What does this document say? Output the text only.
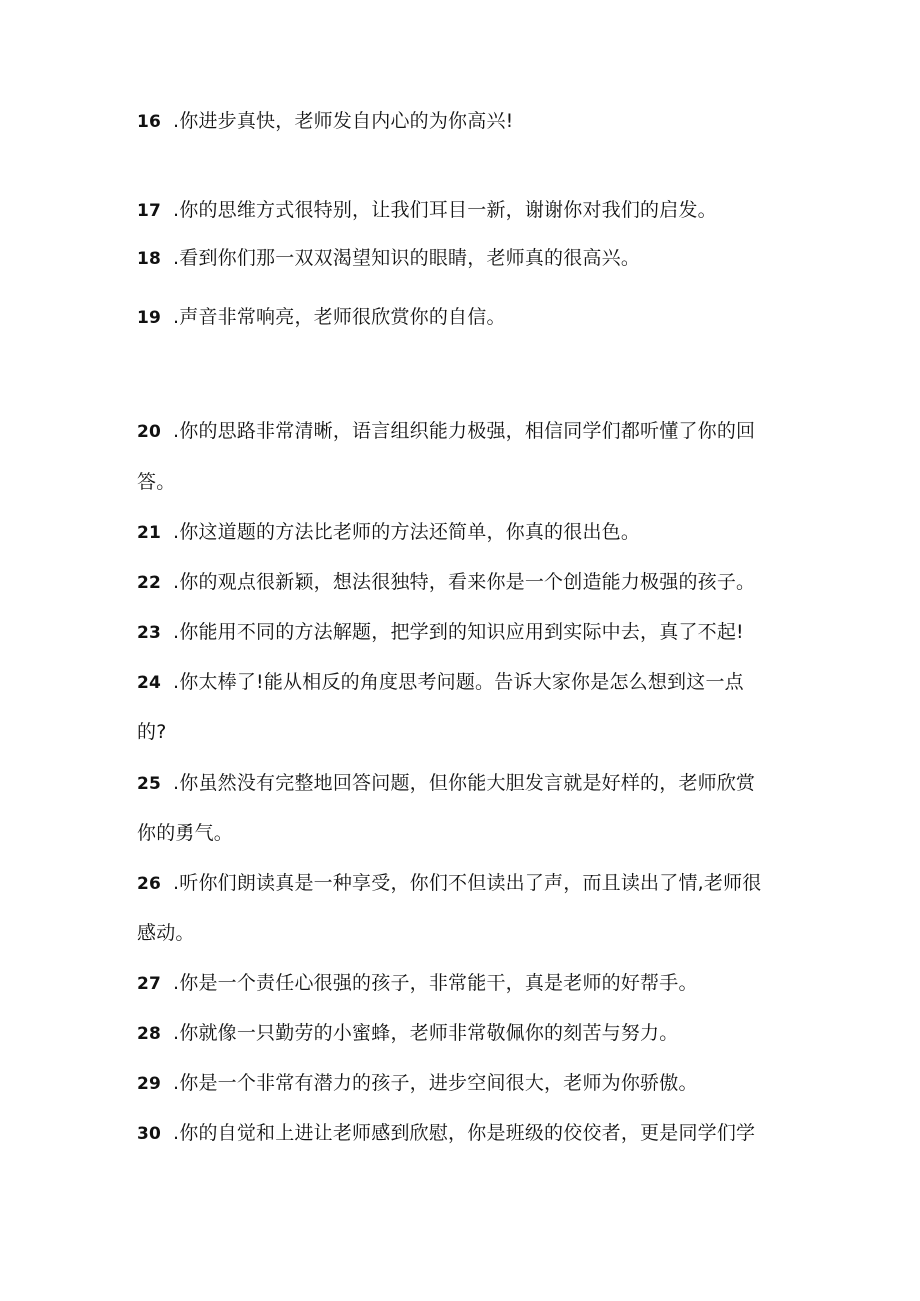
16 .你进步真快，老师发自内心的为你高兴!
17 .你的思维方式很特别，让我们耳目一新，谢谢你对我们的启发。
18 .看到你们那一双双渴望知识的眼睛，老师真的很高兴。
19 .声音非常响亮，老师很欣赏你的自信。
20 .你的思路非常清晰，语言组织能力极强，相信同学们都听懂了你的回
答。
21 .你这道题的方法比老师的方法还简单，你真的很出色。
22 .你的观点很新颖，想法很独特，看来你是一个创造能力极强的孩子。
23 .你能用不同的方法解题，把学到的知识应用到实际中去，真了不起!
24 .你太棒了!能从相反的角度思考问题。告诉大家你是怎么想到这一点
的?
25 .你虽然没有完整地回答问题，但你能大胆发言就是好样的，老师欣赏
你的勇气。
26 .听你们朗读真是一种享受，你们不但读出了声，而且读出了情,老师很
感动。
27 .你是一个责任心很强的孩子，非常能干，真是老师的好帮手。
28 .你就像一只勤劳的小蜜蜂，老师非常敬佩你的刻苦与努力。
29 .你是一个非常有潜力的孩子，进步空间很大，老师为你骄傲。
30 .你的自觉和上进让老师感到欣慰，你是班级的佼佼者，更是同学们学
